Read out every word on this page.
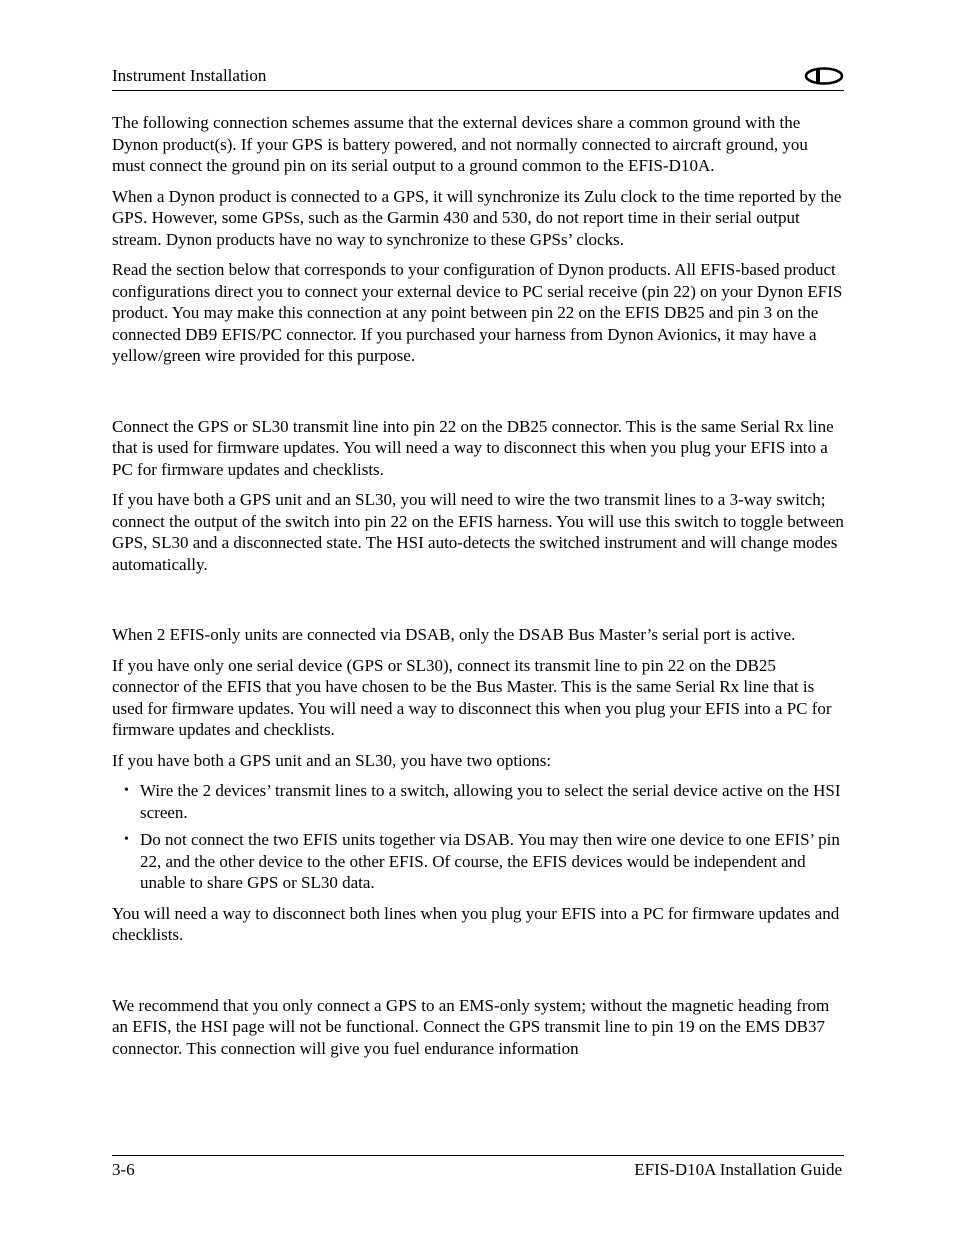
Instrument Installation

The following connection schemes assume that the external devices share a common ground with the Dynon product(s). If your GPS is battery powered, and not normally connected to aircraft ground, you must connect the ground pin on its serial output to a ground common to the EFIS-D10A.

When a Dynon product is connected to a GPS, it will synchronize its Zulu clock to the time reported by the GPS. However, some GPSs, such as the Garmin 430 and 530, do not report time in their serial output stream. Dynon products have no way to synchronize to these GPSs’ clocks.

Read the section below that corresponds to your configuration of Dynon products. All EFIS-based product configurations direct you to connect your external device to PC serial receive (pin 22) on your Dynon EFIS product. You may make this connection at any point between pin 22 on the EFIS DB25 and pin 3 on the connected DB9 EFIS/PC connector. If you purchased your harness from Dynon Avionics, it may have a yellow/green wire provided for this purpose.

Connect the GPS or SL30 transmit line into pin 22 on the DB25 connector. This is the same Serial Rx line that is used for firmware updates. You will need a way to disconnect this when you plug your EFIS into a PC for firmware updates and checklists.

If you have both a GPS unit and an SL30, you will need to wire the two transmit lines to a 3-way switch; connect the output of the switch into pin 22 on the EFIS harness. You will use this switch to toggle between GPS, SL30 and a disconnected state. The HSI auto-detects the switched instrument and will change modes automatically.

When 2 EFIS-only units are connected via DSAB, only the DSAB Bus Master’s serial port is active.

If you have only one serial device (GPS or SL30), connect its transmit line to pin 22 on the DB25 connector of the EFIS that you have chosen to be the Bus Master. This is the same Serial Rx line that is used for firmware updates. You will need a way to disconnect this when you plug your EFIS into a PC for firmware updates and checklists.

If you have both a GPS unit and an SL30, you have two options:

• Wire the 2 devices’ transmit lines to a switch, allowing you to select the serial device active on the HSI screen.
• Do not connect the two EFIS units together via DSAB. You may then wire one device to one EFIS’ pin 22, and the other device to the other EFIS. Of course, the EFIS devices would be independent and unable to share GPS or SL30 data.

You will need a way to disconnect both lines when you plug your EFIS into a PC for firmware updates and checklists.

We recommend that you only connect a GPS to an EMS-only system; without the magnetic heading from an EFIS, the HSI page will not be functional. Connect the GPS transmit line to pin 19 on the EMS DB37 connector. This connection will give you fuel endurance information

3-6	EFIS-D10A Installation Guide
